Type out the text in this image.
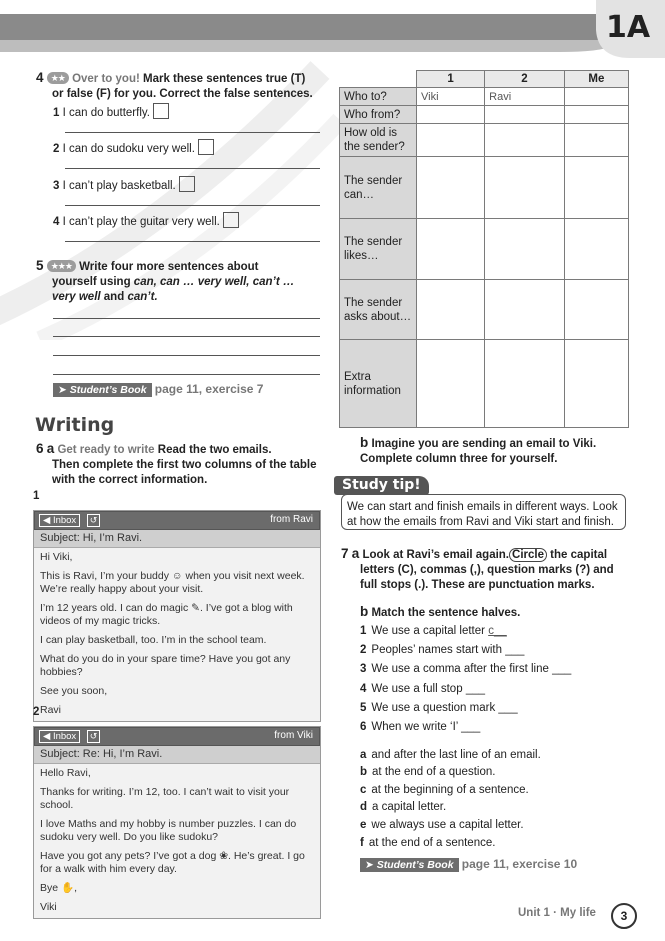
1A
4 ★★ Over to you! Mark these sentences true (T)
or false (F) for you. Correct the false sentences.
1 I can do butterfly.
2 I can do sudoku very well.
3 I can’t play basketball.
4 I can’t play the guitar very well.
5 ★★★ Write four more sentences about
yourself using can, can … very well, can’t …
very well and can’t.
➤ Student’s Book page 11, exercise 7
Writing
6 a Get ready to write Read the two emails.
Then complete the first two columns of the table
with the correct information.
1
◀ Inbox	↺	from Ravi
Subject: Hi, I’m Ravi.

Hi Viki,

This is Ravi, I’m your buddy ☺ when you visit next week. We’re really happy about your visit.

I’m 12 years old. I can do magic ✎. I’ve got a blog with videos of my magic tricks.

I can play basketball, too. I’m in the school team.

What do you do in your spare time? Have you got any hobbies?

See you soon,

Ravi

2
◀ Inbox	↺	from Viki
Subject: Re: Hi, I’m Ravi.

Hello Ravi,

Thanks for writing. I’m 12, too. I can’t wait to visit your school.

I love Maths and my hobby is number puzzles. I can do sudoku very well. Do you like sudoku?

Have you got any pets? I’ve got a dog ❀. He’s great. I go for a walk with him every day.

Bye ✋,

Viki

	1	2	Me
Who to?	Viki	Ravi	
Who from?			
How old is the sender?			
The sender can…			
The sender likes…			
The sender asks about…			
Extra information			
b Imagine you are sending an email to Viki.
Complete column three for yourself.
We can start and finish emails in different ways. Look at how the emails from Ravi and Viki start and finish.
Study tip!
7 a Look at Ravi’s email again. Circle the capital
letters (C), commas (,), question marks (?) and
full stops (.). These are punctuation marks.
b Match the sentence halves.
1 We use a capital letter c__
2 Peoples’ names start with ___
3 We use a comma after the first line ___
4 We use a full stop ___
5 We use a question mark ___
6 When we write ‘I’ ___
a and after the last line of an email.
b at the end of a question.
c at the beginning of a sentence.
d a capital letter.
e we always use a capital letter.
f at the end of a sentence.
➤ Student’s Book page 11, exercise 10
Unit 1 · My life	3
